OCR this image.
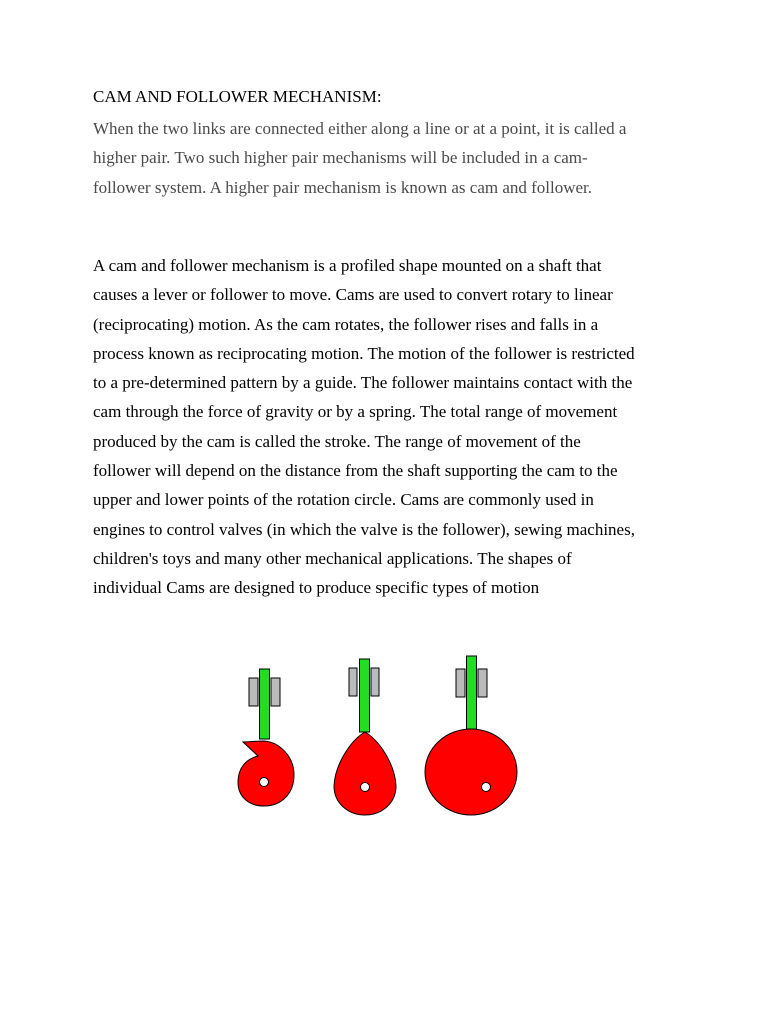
CAM AND FOLLOWER MECHANISM:

When the two links are connected either along a line or at a point, it is called a
higher pair. Two such higher pair mechanisms will be included in a cam-
follower system. A higher pair mechanism is known as cam and follower.

A cam and follower mechanism is a profiled shape mounted on a shaft that
causes a lever or follower to move. Cams are used to convert rotary to linear
(reciprocating) motion. As the cam rotates, the follower rises and falls in a
process known as reciprocating motion. The motion of the follower is restricted
to a pre-determined pattern by a guide. The follower maintains contact with the
cam through the force of gravity or by a spring. The total range of movement
produced by the cam is called the stroke. The range of movement of the
follower will depend on the distance from the shaft supporting the cam to the
upper and lower points of the rotation circle. Cams are commonly used in
engines to control valves (in which the valve is the follower), sewing machines,
children's toys and many other mechanical applications. The shapes of
individual Cams are designed to produce specific types of motion
